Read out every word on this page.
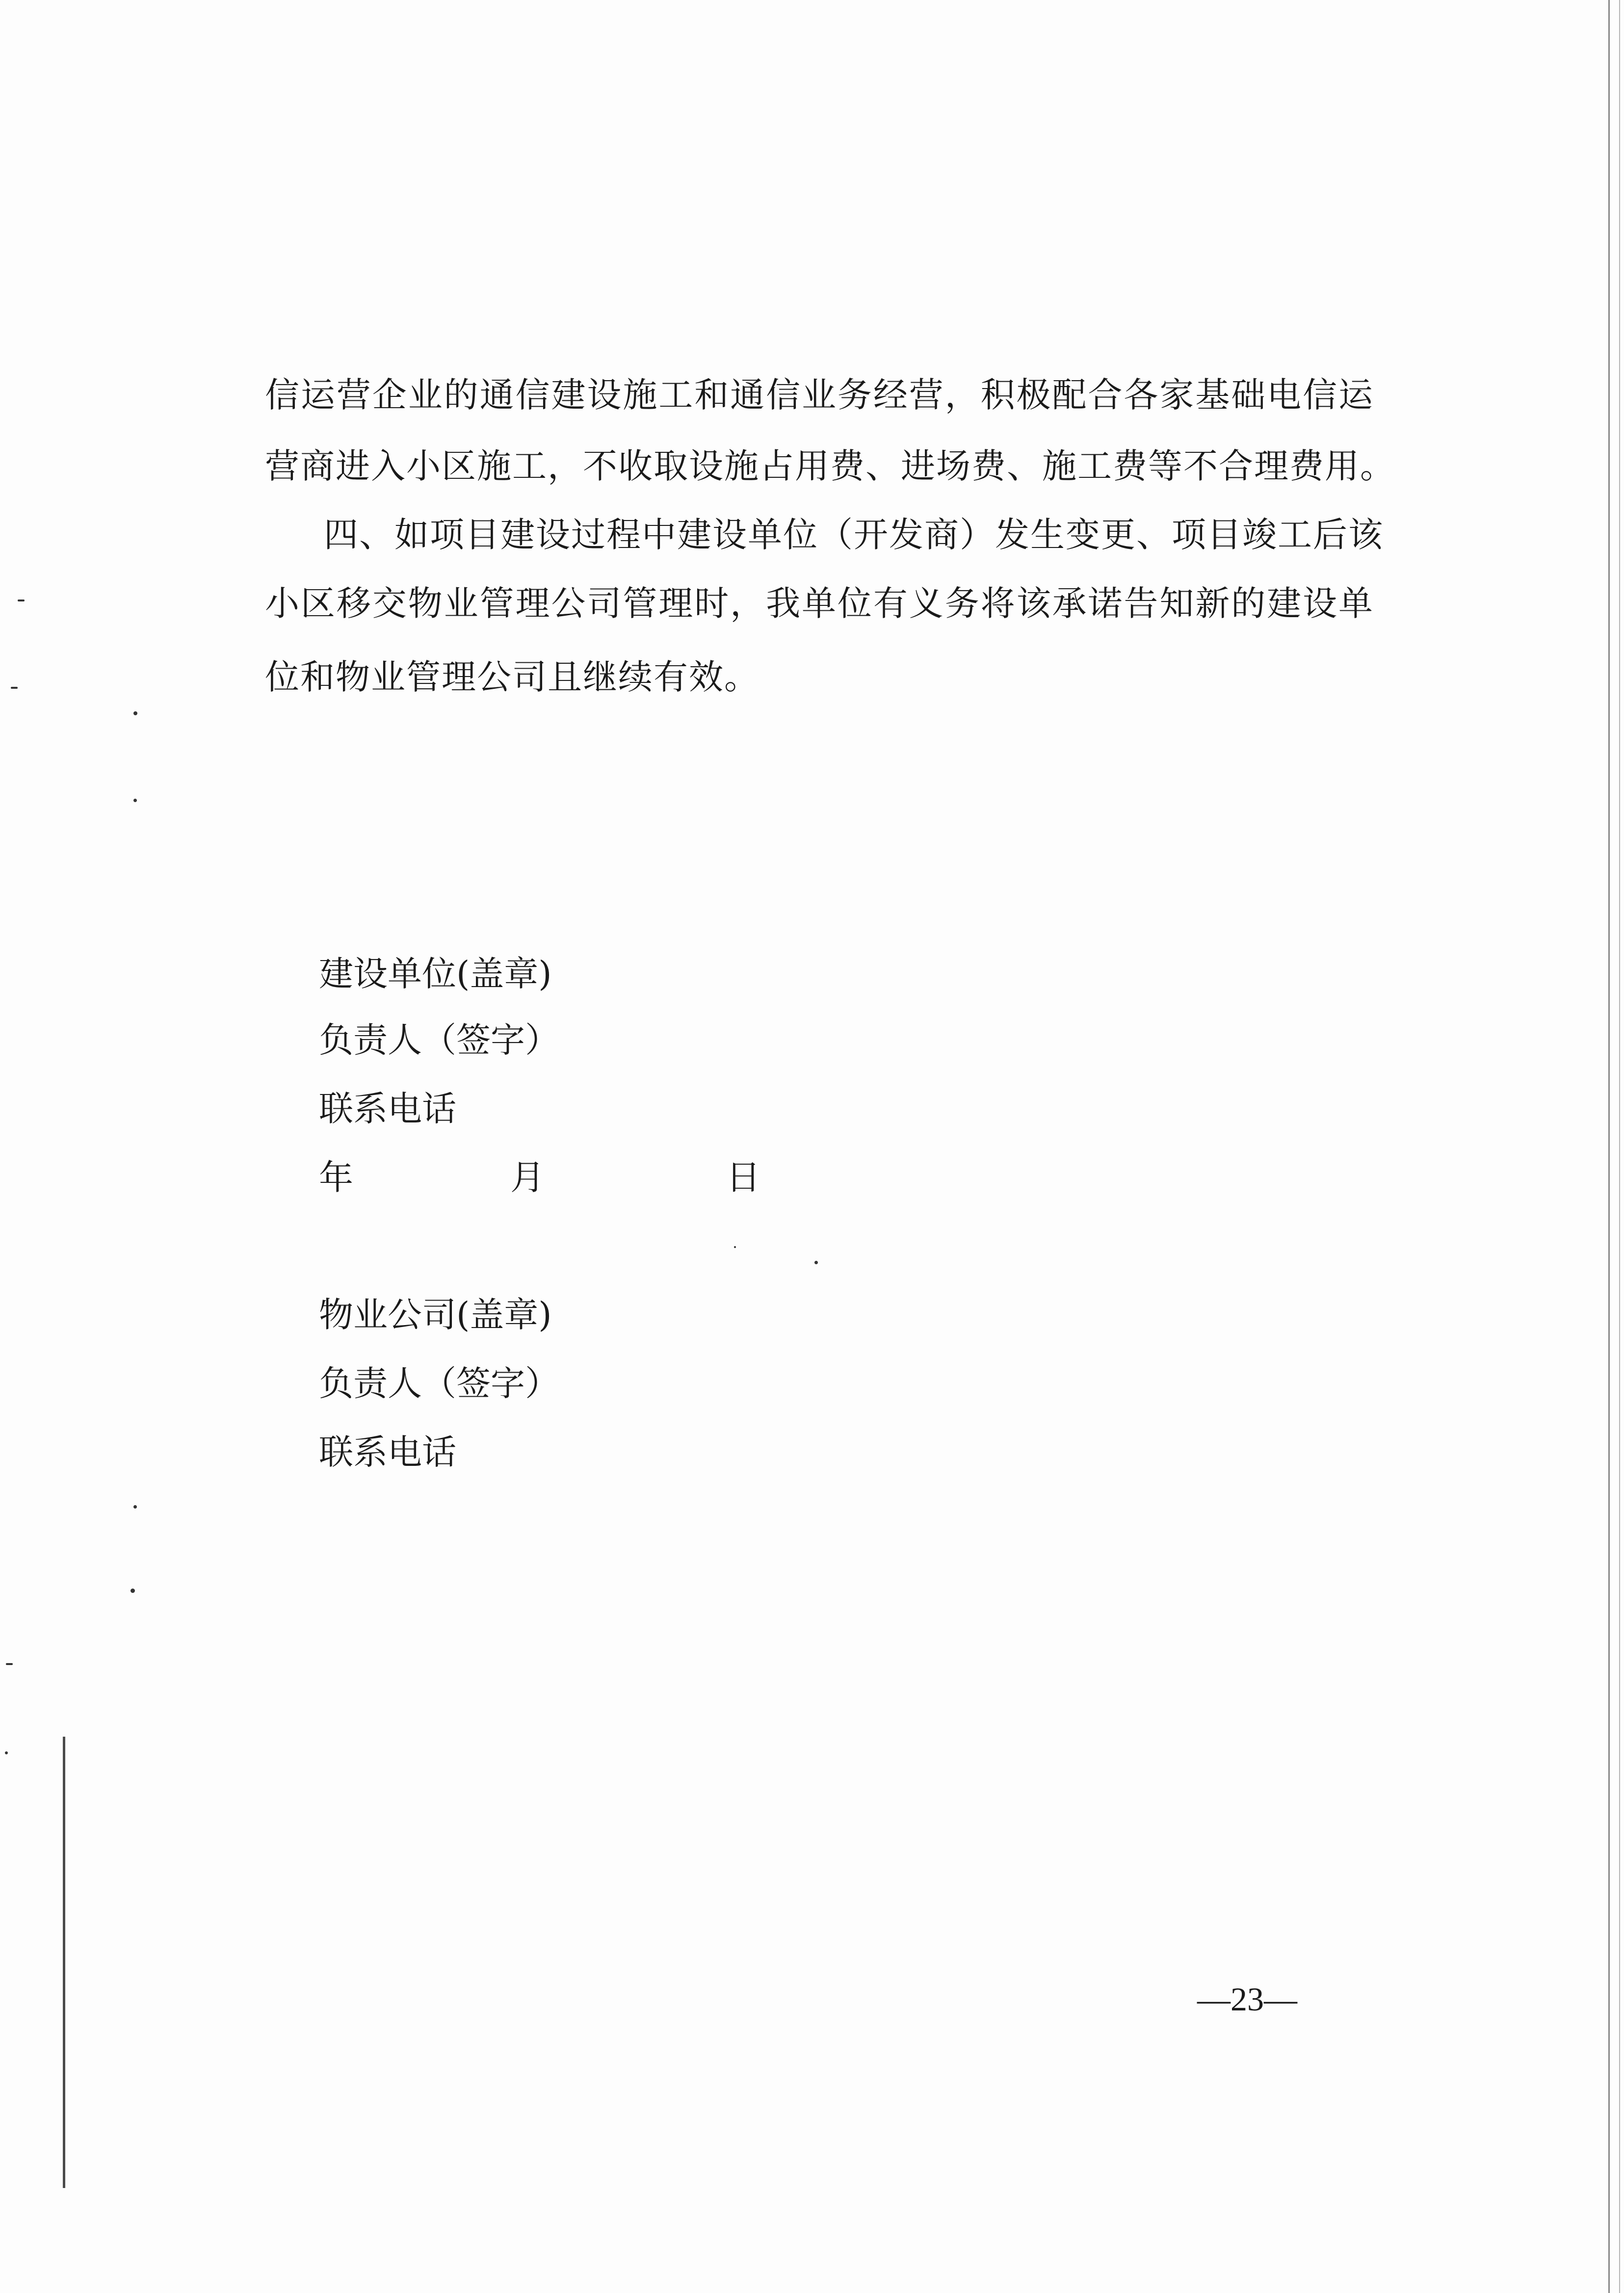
信运营企业的通信建设施工和通信业务经营，积极配合各家基础电信运
营商进入小区施工，不收取设施占用费、进场费、施工费等不合理费用。
四、如项目建设过程中建设单位（开发商）发生变更、项目竣工后该
小区移交物业管理公司管理时，我单位有义务将该承诺告知新的建设单
位和物业管理公司且继续有效。
建设单位(盖章)
负责人（签字）
联系电话
年	月	日
物业公司(盖章)
负责人（签字）
联系电话
—23—
